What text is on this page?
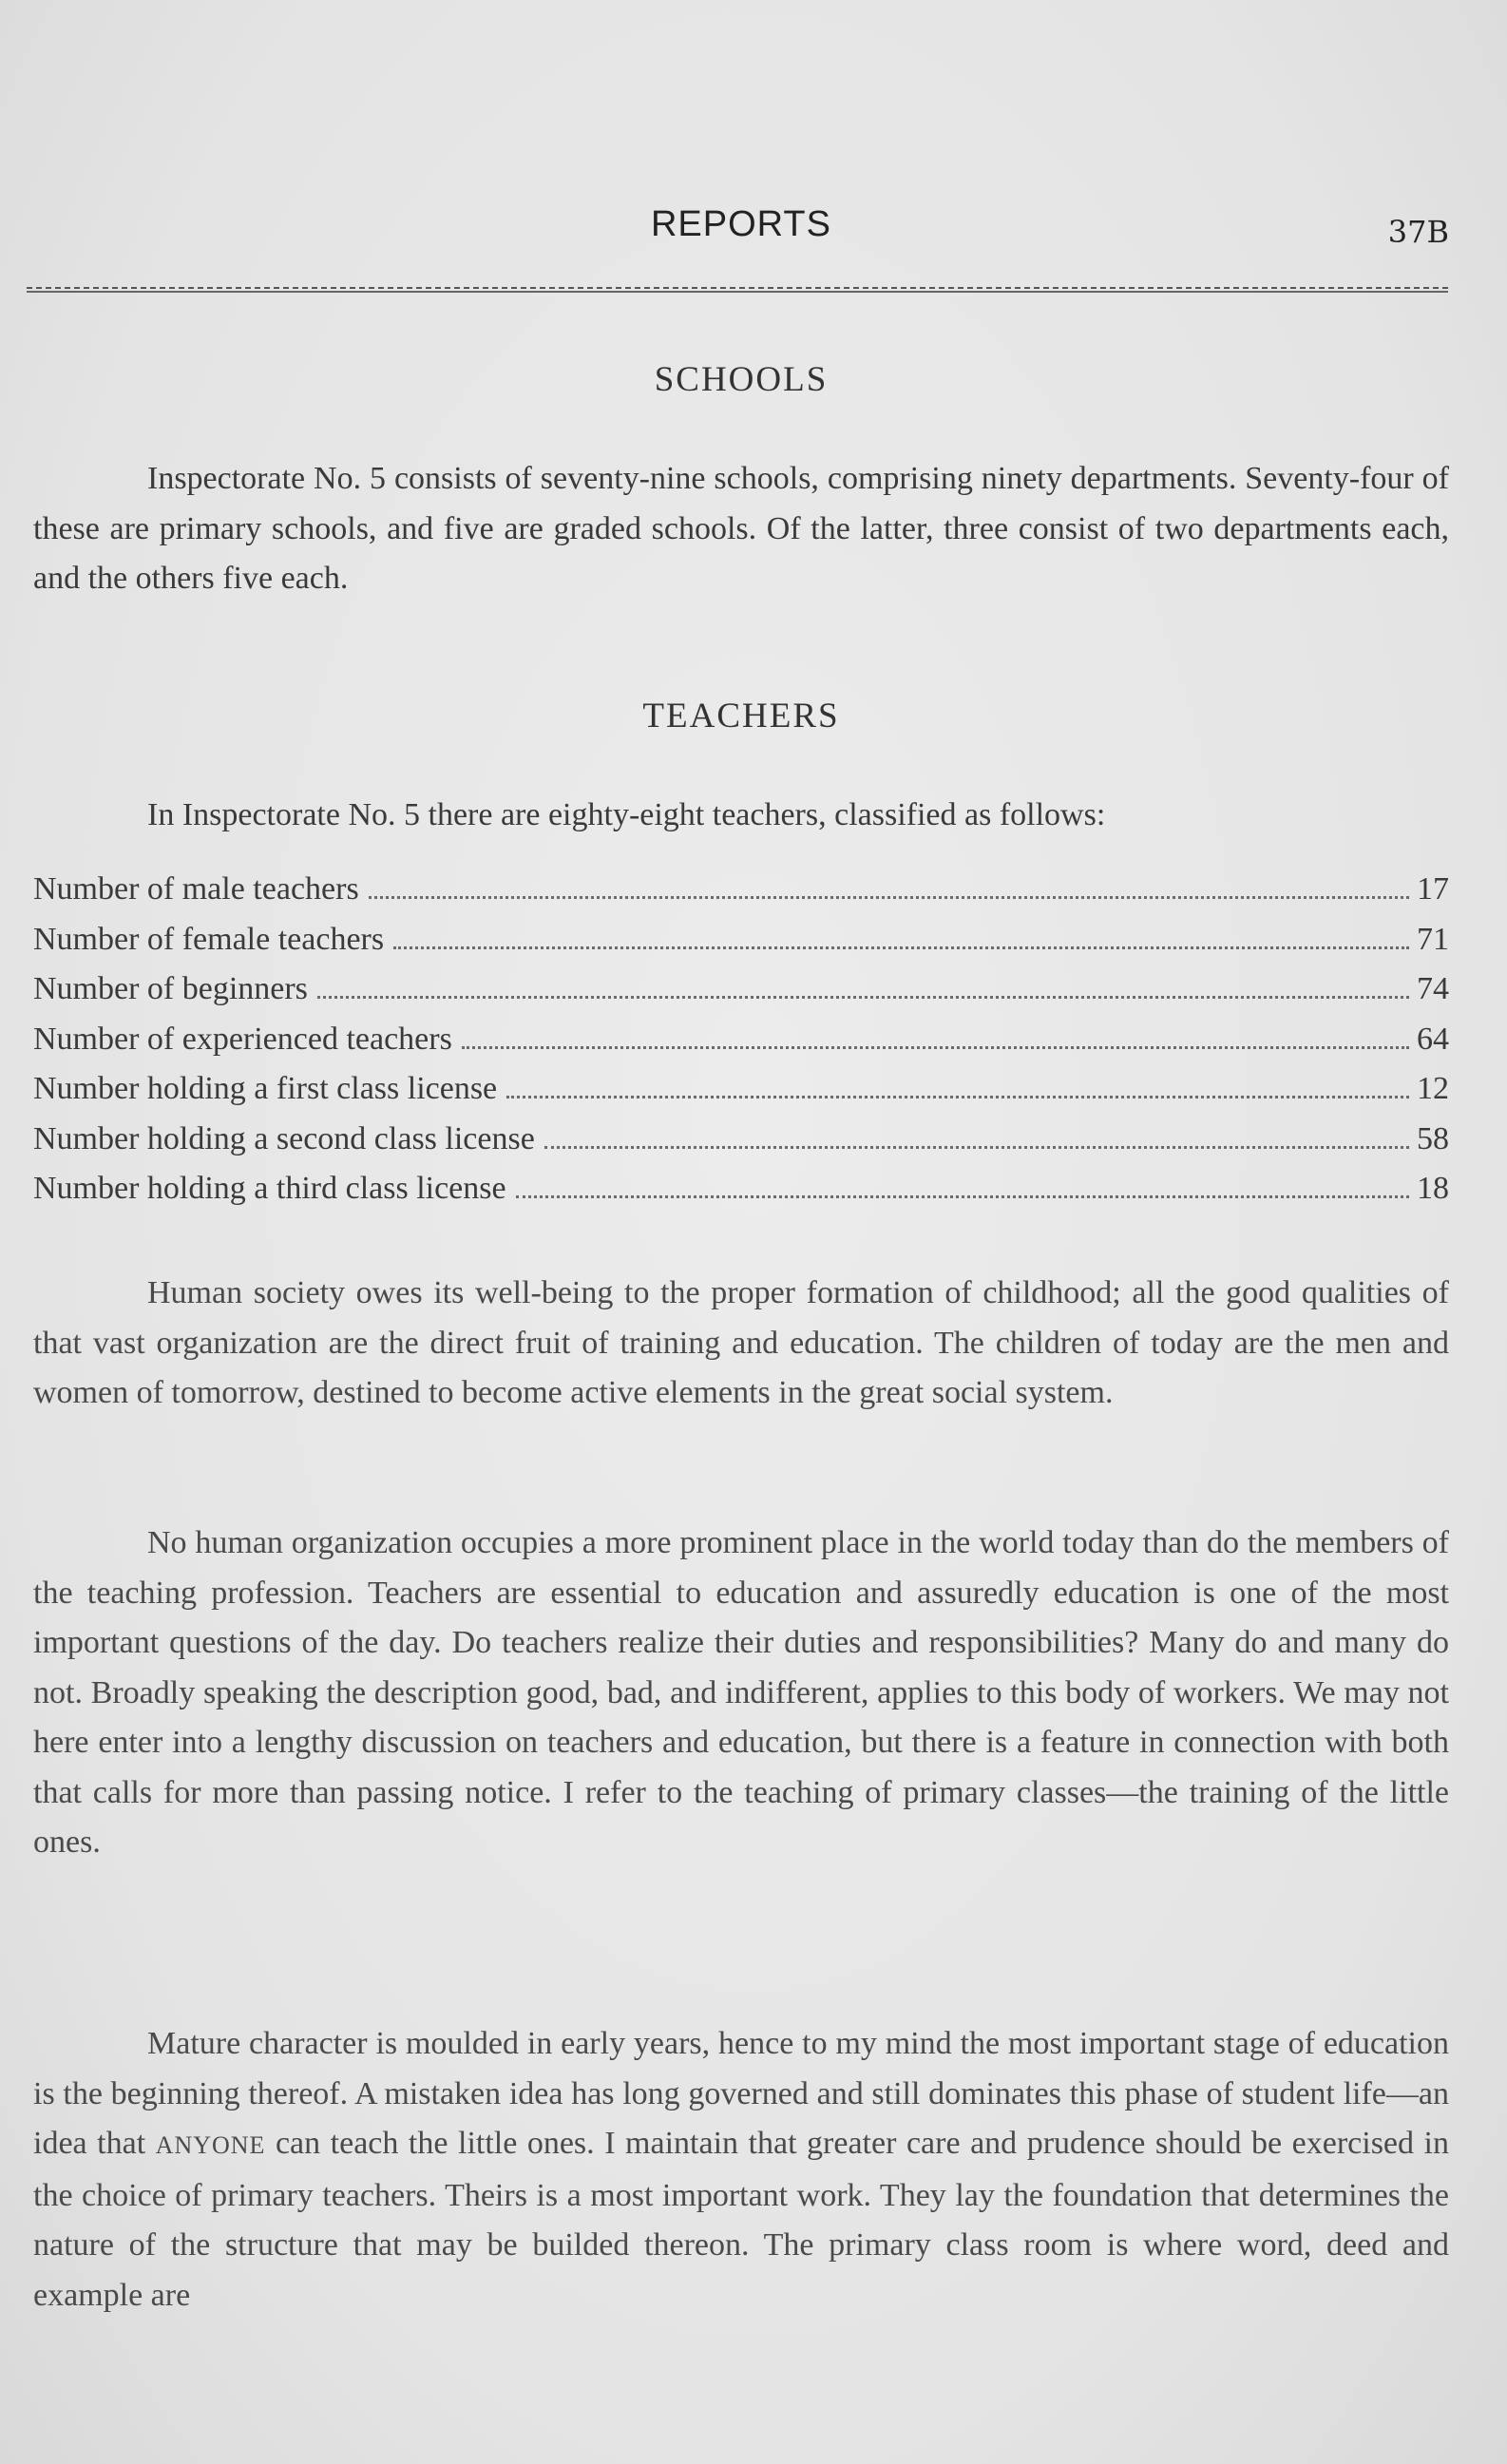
REPORTS	37B
SCHOOLS

Inspectorate No. 5 consists of seventy-nine schools, comprising ninety departments. Seventy-four of these are primary schools, and five are graded schools. Of the latter, three consist of two departments each, and the others five each.

TEACHERS

In Inspectorate No. 5 there are eighty-eight teachers, classified as follows:

Number of male teachers	17
Number of female teachers	71
Number of beginners	74
Number of experienced teachers	64
Number holding a first class license	12
Number holding a second class license	58
Number holding a third class license	18

Human society owes its well-being to the proper formation of childhood; all the good qualities of that vast organization are the direct fruit of training and education. The children of today are the men and women of tomorrow, destined to become active elements in the great social system.

No human organization occupies a more prominent place in the world today than do the members of the teaching profession. Teachers are essential to education and assuredly education is one of the most important questions of the day. Do teachers realize their duties and responsibilities? Many do and many do not. Broadly speaking the description good, bad, and indifferent, applies to this body of workers. We may not here enter into a lengthy discussion on teachers and education, but there is a feature in connection with both that calls for more than passing notice. I refer to the teaching of primary classes—the training of the little ones.

Mature character is moulded in early years, hence to my mind the most important stage of education is the beginning thereof. A mistaken idea has long governed and still dominates this phase of student life—an idea that ANYONE can teach the little ones. I maintain that greater care and prudence should be exercised in the choice of primary teachers. Theirs is a most important work. They lay the foundation that determines the nature of the structure that may be builded thereon. The primary class room is where word, deed and example are
